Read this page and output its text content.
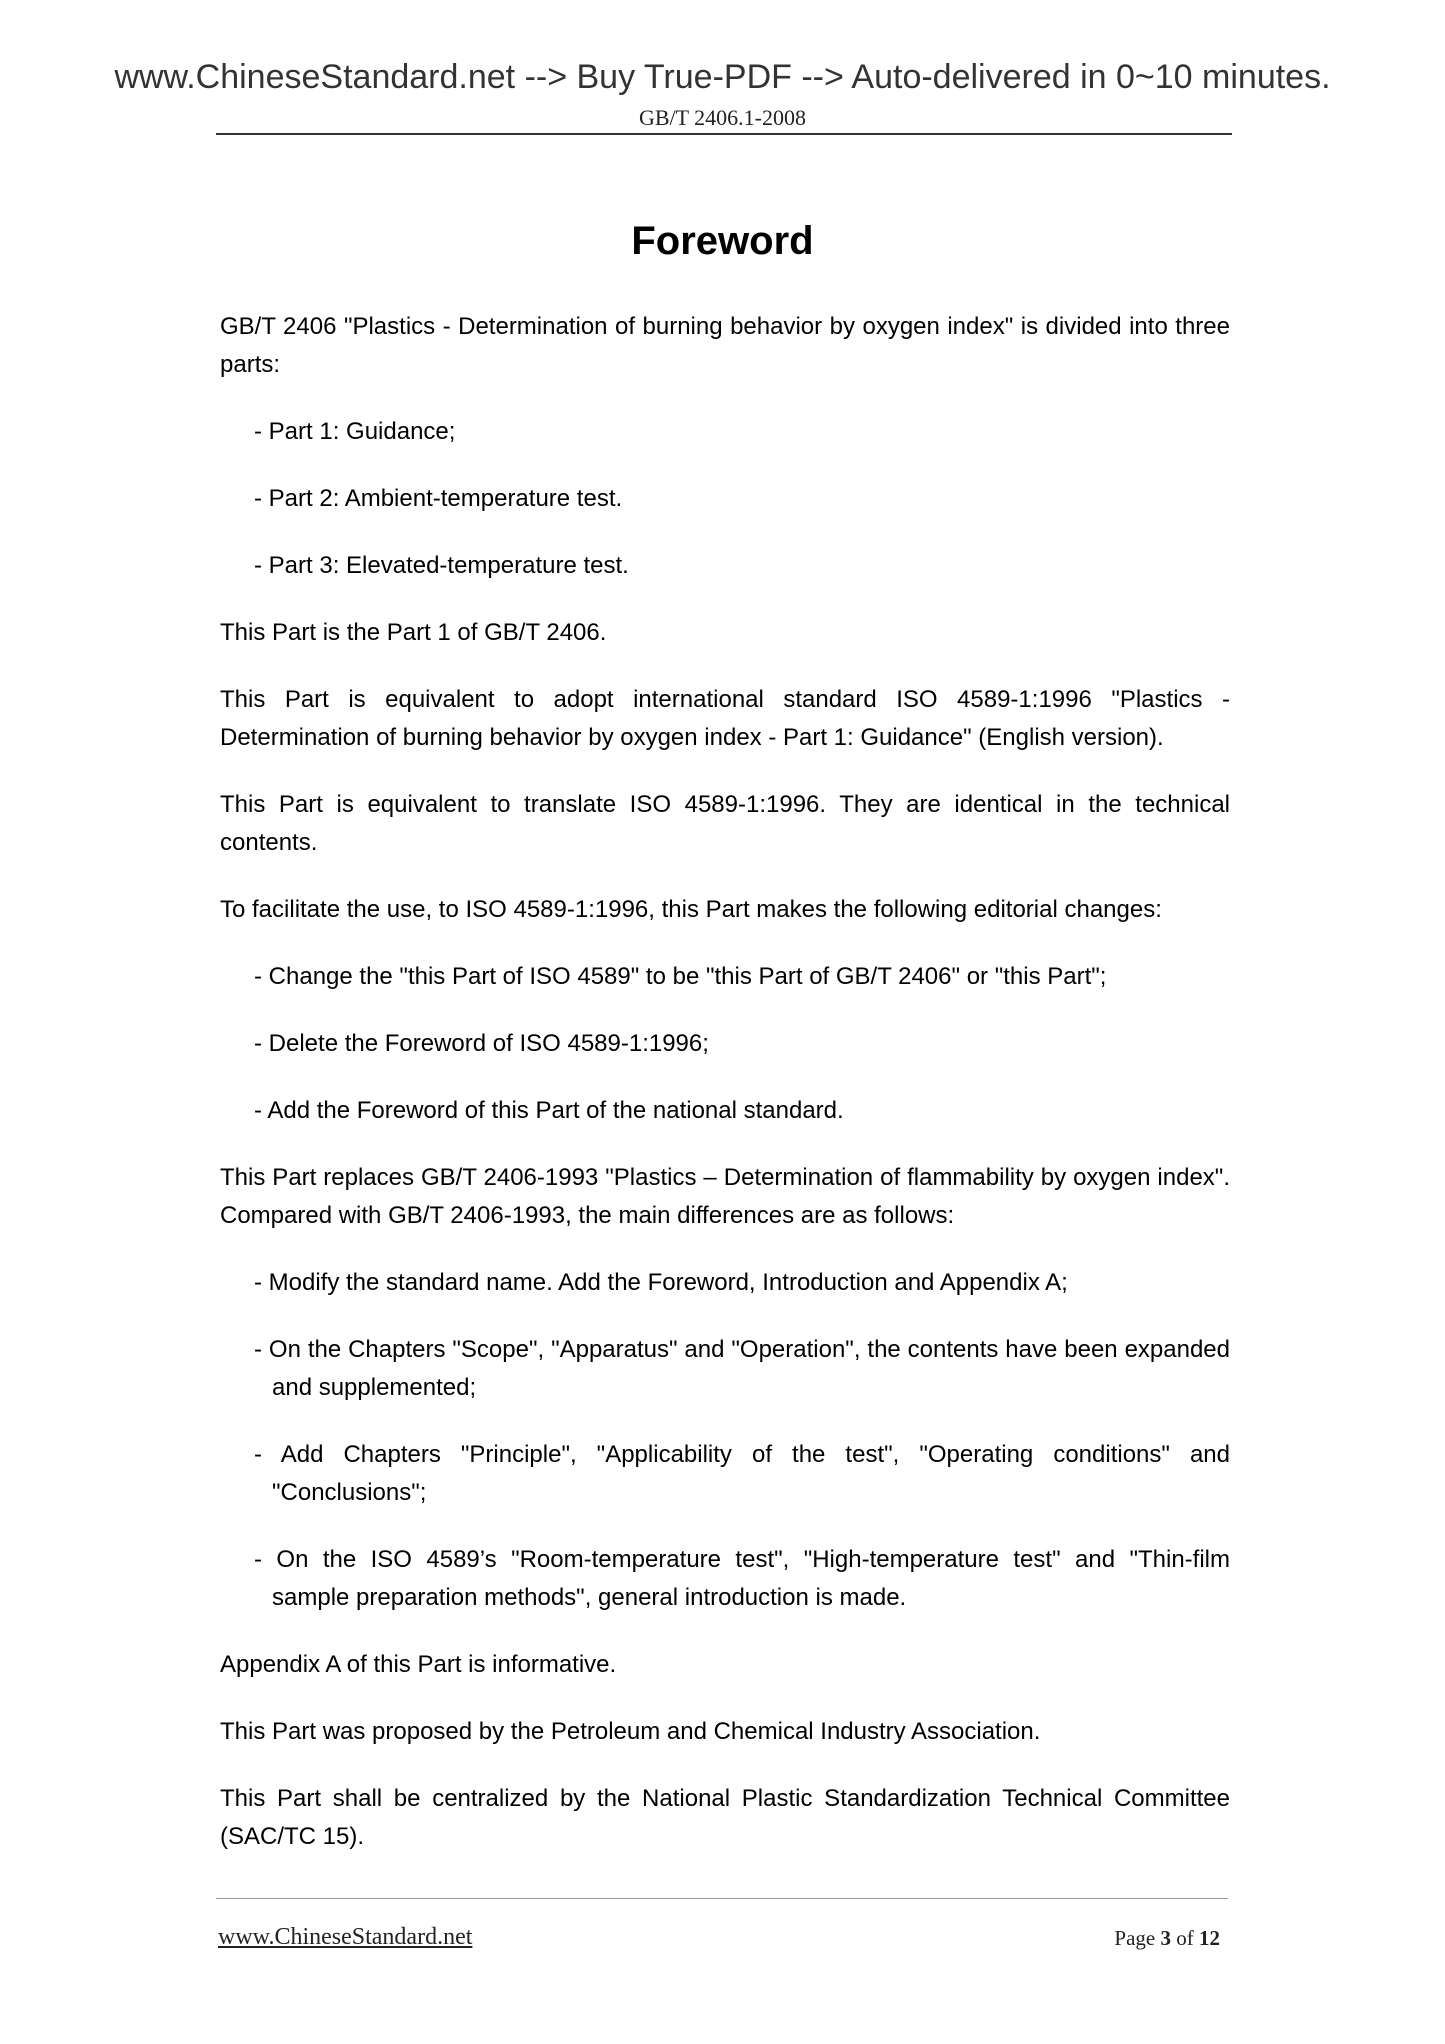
www.ChineseStandard.net --> Buy True-PDF --> Auto-delivered in 0~10 minutes.
GB/T 2406.1-2008
Foreword

GB/T 2406 "Plastics - Determination of burning behavior by oxygen index" is divided into three parts:

- Part 1: Guidance;

- Part 2: Ambient-temperature test.

- Part 3: Elevated-temperature test.

This Part is the Part 1 of GB/T 2406.

This Part is equivalent to adopt international standard ISO 4589-1:1996 "Plastics - Determination of burning behavior by oxygen index - Part 1: Guidance" (English version).

This Part is equivalent to translate ISO 4589-1:1996. They are identical in the technical contents.

To facilitate the use, to ISO 4589-1:1996, this Part makes the following editorial changes:

- Change the "this Part of ISO 4589" to be "this Part of GB/T 2406" or "this Part";

- Delete the Foreword of ISO 4589-1:1996;

- Add the Foreword of this Part of the national standard.

This Part replaces GB/T 2406-1993 "Plastics – Determination of flammability by oxygen index". Compared with GB/T 2406-1993, the main differences are as follows:

- Modify the standard name. Add the Foreword, Introduction and Appendix A;

- On the Chapters "Scope", "Apparatus" and "Operation", the contents have been expanded and supplemented;

- Add Chapters "Principle", "Applicability of the test", "Operating conditions" and "Conclusions";

- On the ISO 4589’s "Room-temperature test", "High-temperature test" and "Thin-film sample preparation methods", general introduction is made.

Appendix A of this Part is informative.

This Part was proposed by the Petroleum and Chemical Industry Association.

This Part shall be centralized by the National Plastic Standardization Technical Committee (SAC/TC 15).

www.ChineseStandard.net	Page 3 of 12
